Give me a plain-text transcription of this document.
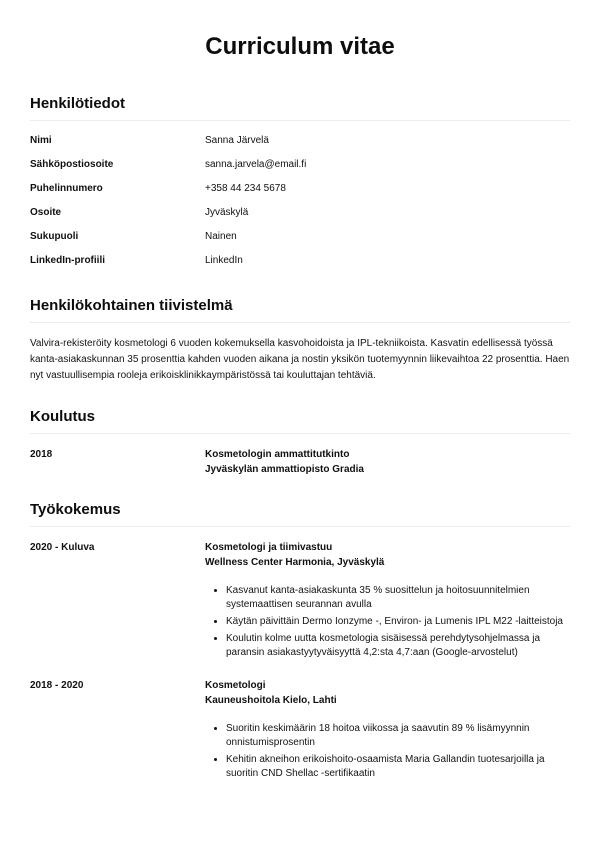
Curriculum vitae
Henkilötiedot
Nimi	Sanna Järvelä
Sähköpostiosoite	sanna.jarvela@email.fi
Puhelinnumero	+358 44 234 5678
Osoite	Jyväskylä
Sukupuoli	Nainen
LinkedIn-profiili	LinkedIn
Henkilökohtainen tiivistelmä

Valvira-rekisteröity kosmetologi 6 vuoden kokemuksella kasvohoidoista ja IPL-tekniikoista. Kasvatin edellisessä työssä kanta-asiakaskunnan 35 prosenttia kahden vuoden aikana ja nostin yksikön tuotemyynnin liikevaihtoa 22 prosenttia. Haen nyt vastuullisempia rooleja erikoisklinikkaympäristössä tai kouluttajan tehtäviä.

Koulutus
2018	Kosmetologin ammattitutkinto
Jyväskylän ammattiopisto Gradia
Työkokemus
2020 - Kuluva	Kosmetologi ja tiimivastuu
Wellness Center Harmonia, Jyväskylä
• Kasvanut kanta-asiakaskunta 35 % suosittelun ja hoitosuunnitelmien systemaattisen seurannan avulla
• Käytän päivittäin Dermo Ionzyme -, Environ- ja Lumenis IPL M22 -laitteistoja
• Koulutin kolme uutta kosmetologia sisäisessä perehdytysohjelmassa ja paransin asiakastyytyväisyyttä 4,2:sta 4,7:aan (Google-arvostelut)
2018 - 2020	Kosmetologi
Kauneushoitola Kielo, Lahti
• Suoritin keskimäärin 18 hoitoa viikossa ja saavutin 89 % lisämyynnin onnistumisprosentin
• Kehitin akneihon erikoishoito-osaamista Maria Gallandin tuotesarjoilla ja suoritin CND Shellac -sertifikaatin
